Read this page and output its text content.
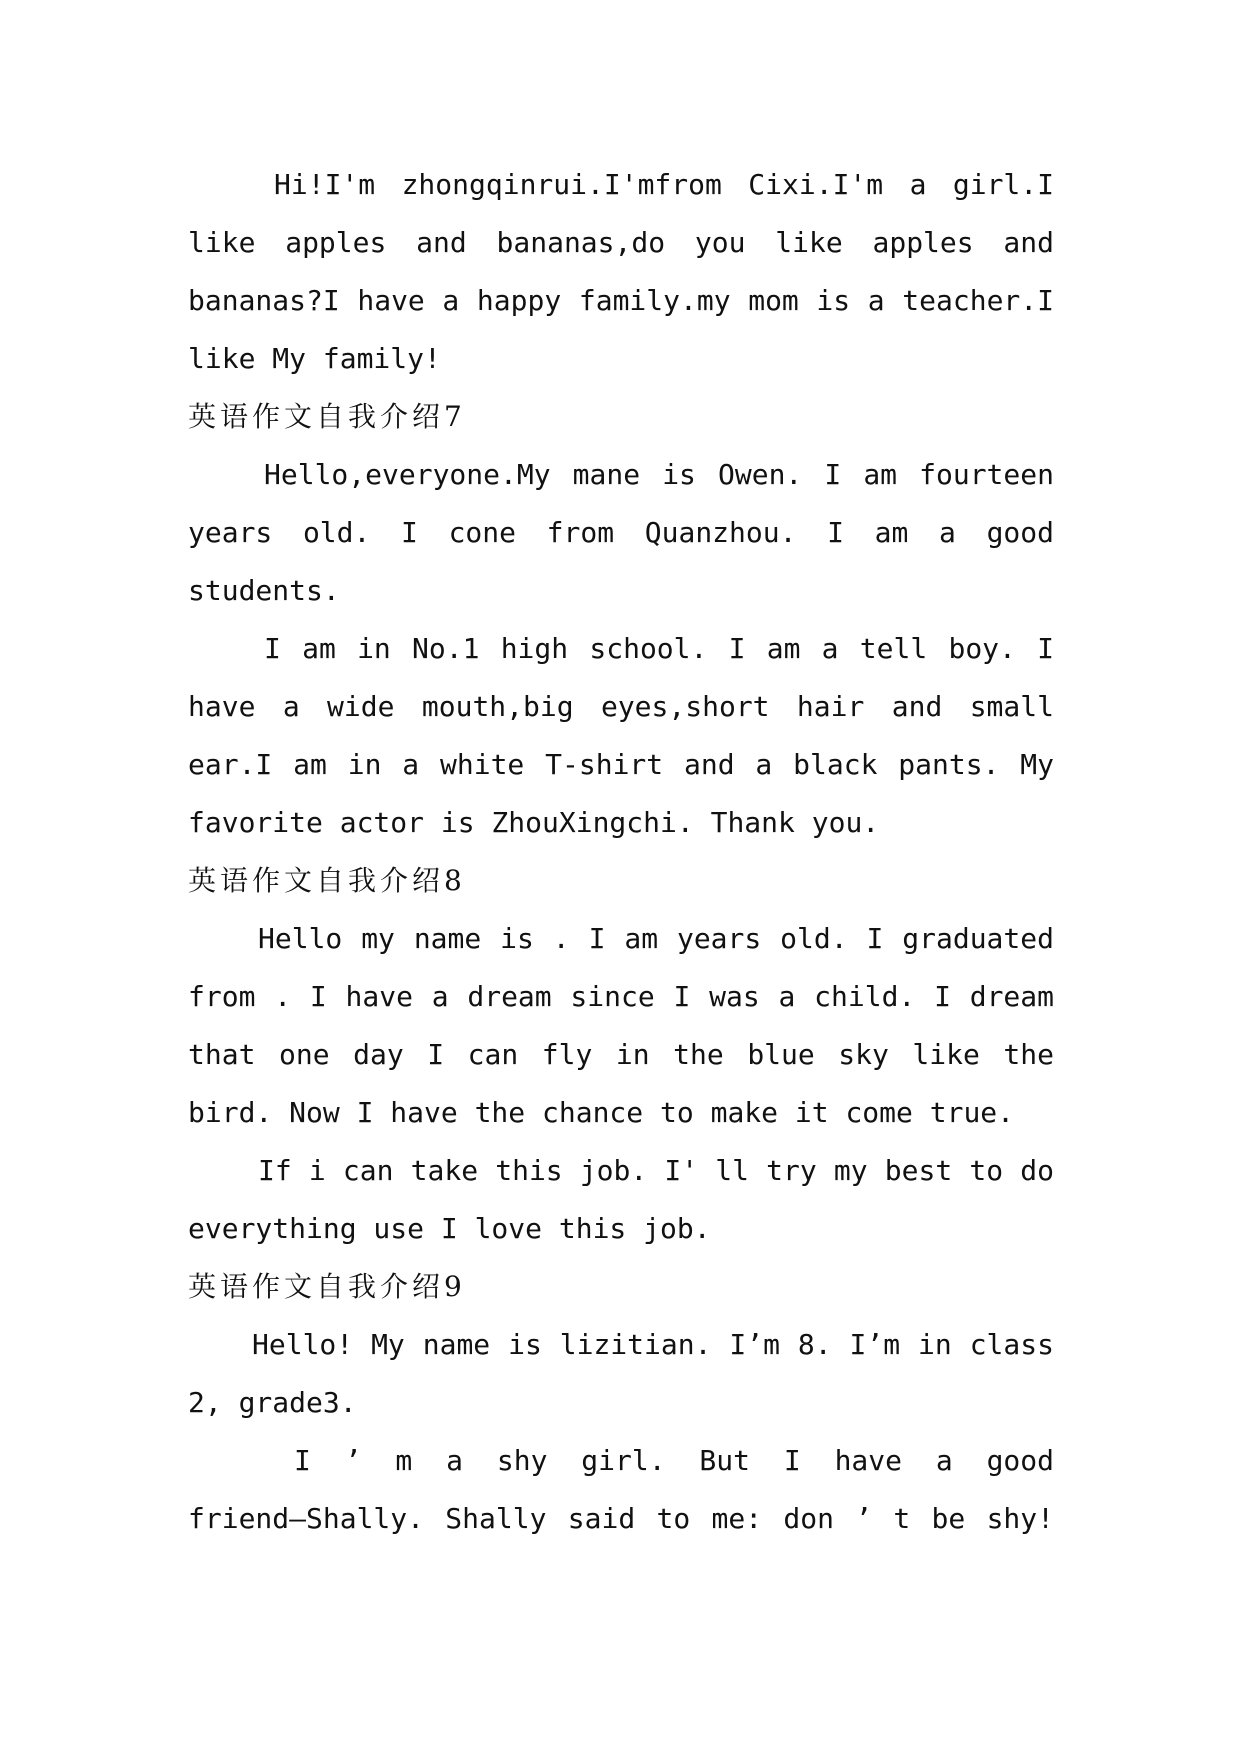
Hi!I'm zhongqinrui.I'mfrom Cixi.I'm a girl.I
like apples and bananas,do you like apples and
bananas?I have a happy family.my mom is a teacher.I
like My family!
英语作文自我介绍7
Hello,everyone.My mane is Owen. I am fourteen
years old. I cone from Quanzhou. I am a good
students.
I am in No.1 high school. I am a tell boy. I
have a wide mouth,big eyes,short hair and small
ear.I am in a white T-shirt and a black pants. My
favorite actor is ZhouXingchi. Thank you.
英语作文自我介绍8
Hello my name is . I am years old. I graduated
from . I have a dream since I was a child. I dream
that one day I can fly in the blue sky like the
bird. Now I have the chance to make it come true.
If i can take this job. I' ll try my best to do
everything use I love this job.
英语作文自我介绍9
Hello! My name is lizitian. I’m 8. I’m in class
2, grade3.
I ’ m a shy girl. But I have a good
friend—Shally. Shally said to me: don ’ t be shy!
